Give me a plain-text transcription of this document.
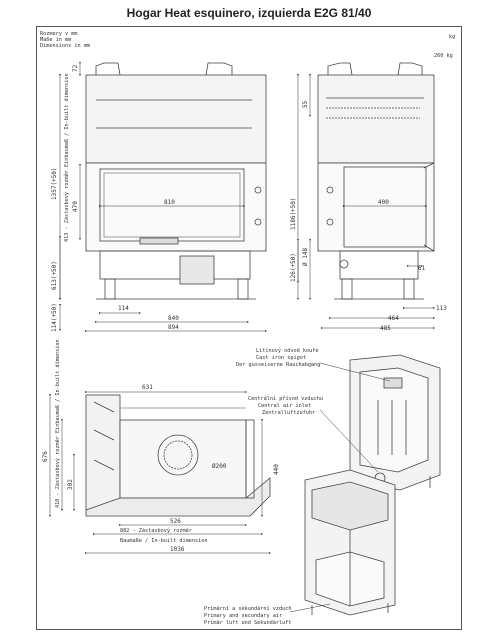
Hogar Heat esquinero, izquierda E2G 81/40
Rozmery v mm
Maße in mm
Dimensions in mm
kg
260 kg
72
1357(+50)
470
613(+50)
114(+50)
413 - Zástavbový rozměr Einbaumaß / In-built dimension	810
114
840
894
55
1186(+50)
126(+50) Ø 148
400
61
113
464
485
631
676 410 - Zástavbový rozměr Einbaumaß / In-built dimension 302
Ø200	440
526
882 - Zástavbový rozměr
Baumaße / In-built dimension
1036
Litinový odvod kouře
Cast iron spigot
Der gusseiserne Rauchabgang
Centrální přívod vzduchu
Central air inlet
Zentralluftzufuhr
Primární a sekundární vzduch
Primary and secondary air
Primär luft und Sekundärluft
